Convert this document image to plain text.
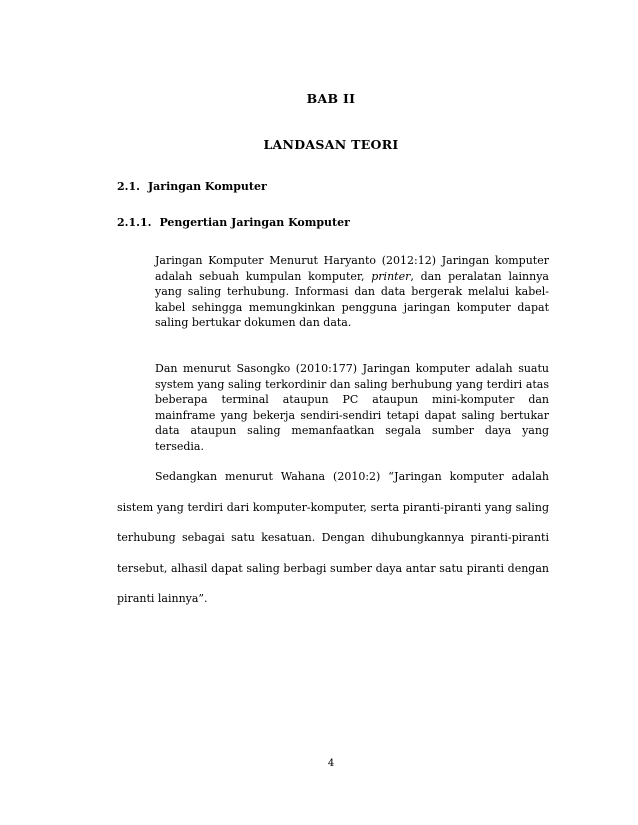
BAB II
LANDASAN TEORI
2.1. Jaringan Komputer
2.1.1. Pengertian Jaringan Komputer
Jaringan Komputer Menurut Haryanto (2012:12) Jaringan komputer adalah sebuah kumpulan komputer, printer, dan peralatan lainnya yang saling terhubung. Informasi dan data bergerak melalui kabel-kabel sehingga memungkinkan pengguna jaringan komputer dapat saling bertukar dokumen dan data.
Dan menurut Sasongko (2010:177) Jaringan komputer adalah suatu system yang saling terkordinir dan saling berhubung yang terdiri atas beberapa terminal ataupun PC ataupun mini-komputer dan mainframe yang bekerja sendiri-sendiri tetapi dapat saling bertukar data ataupun saling memanfaatkan segala sumber daya yang tersedia.
Sedangkan menurut Wahana (2010:2) “Jaringan komputer adalah sistem yang terdiri dari komputer-komputer, serta piranti-piranti yang saling terhubung sebagai satu kesatuan. Dengan dihubungkannya piranti-piranti tersebut, alhasil dapat saling berbagi sumber daya antar satu piranti dengan piranti lainnya”.
4
